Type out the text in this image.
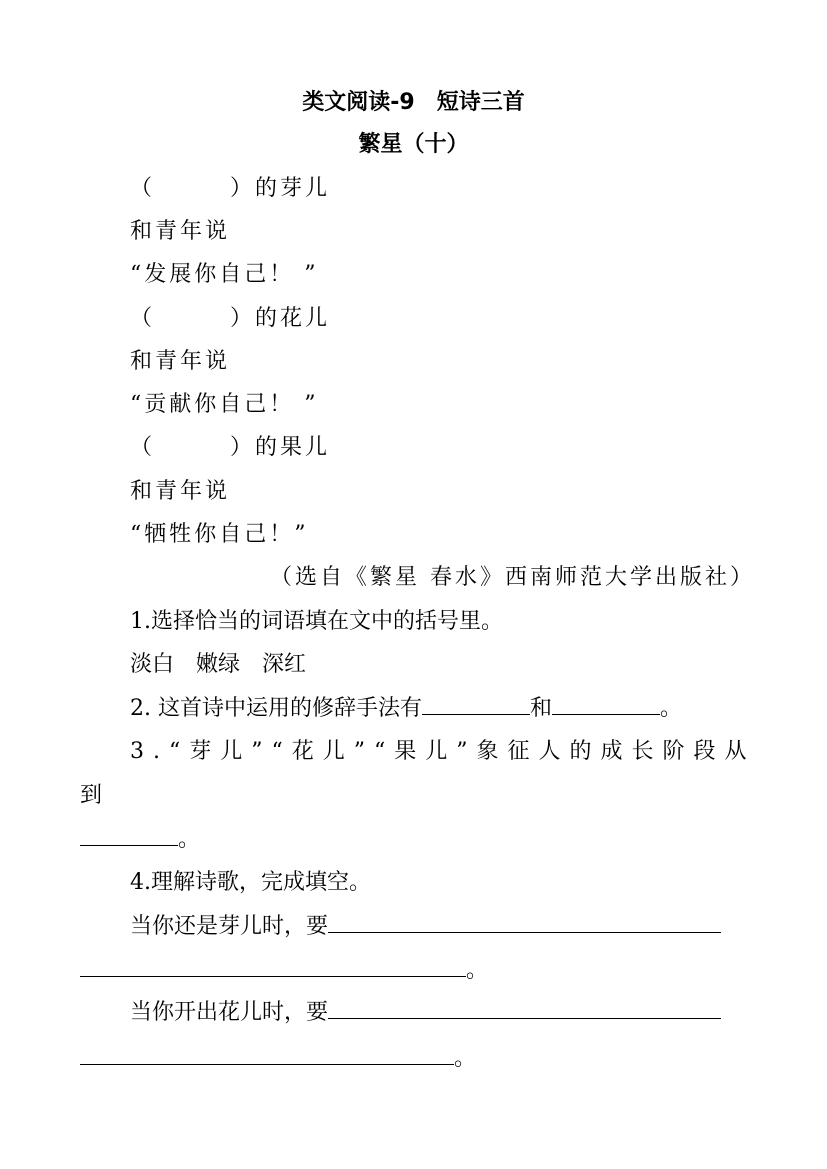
类文阅读-9　短诗三首
繁星（十）
（　　　）的芽儿
和青年说
“发展你自己！ ”
（　　　）的花儿
和青年说
“贡献你自己！ ”
（　　　）的果儿
和青年说
“牺牲你自己！”
（选自《繁星 春水》西南师范大学出版社）
1.选择恰当的词语填在文中的括号里。
淡白　嫩绿　深红
2. 这首诗中运用的修辞手法有	和	。
3.“芽儿”“花儿”“果儿”象征人的成长阶段从
到
。
4.理解诗歌，完成填空。
当你还是芽儿时，要
。
当你开出花儿时，要
。
